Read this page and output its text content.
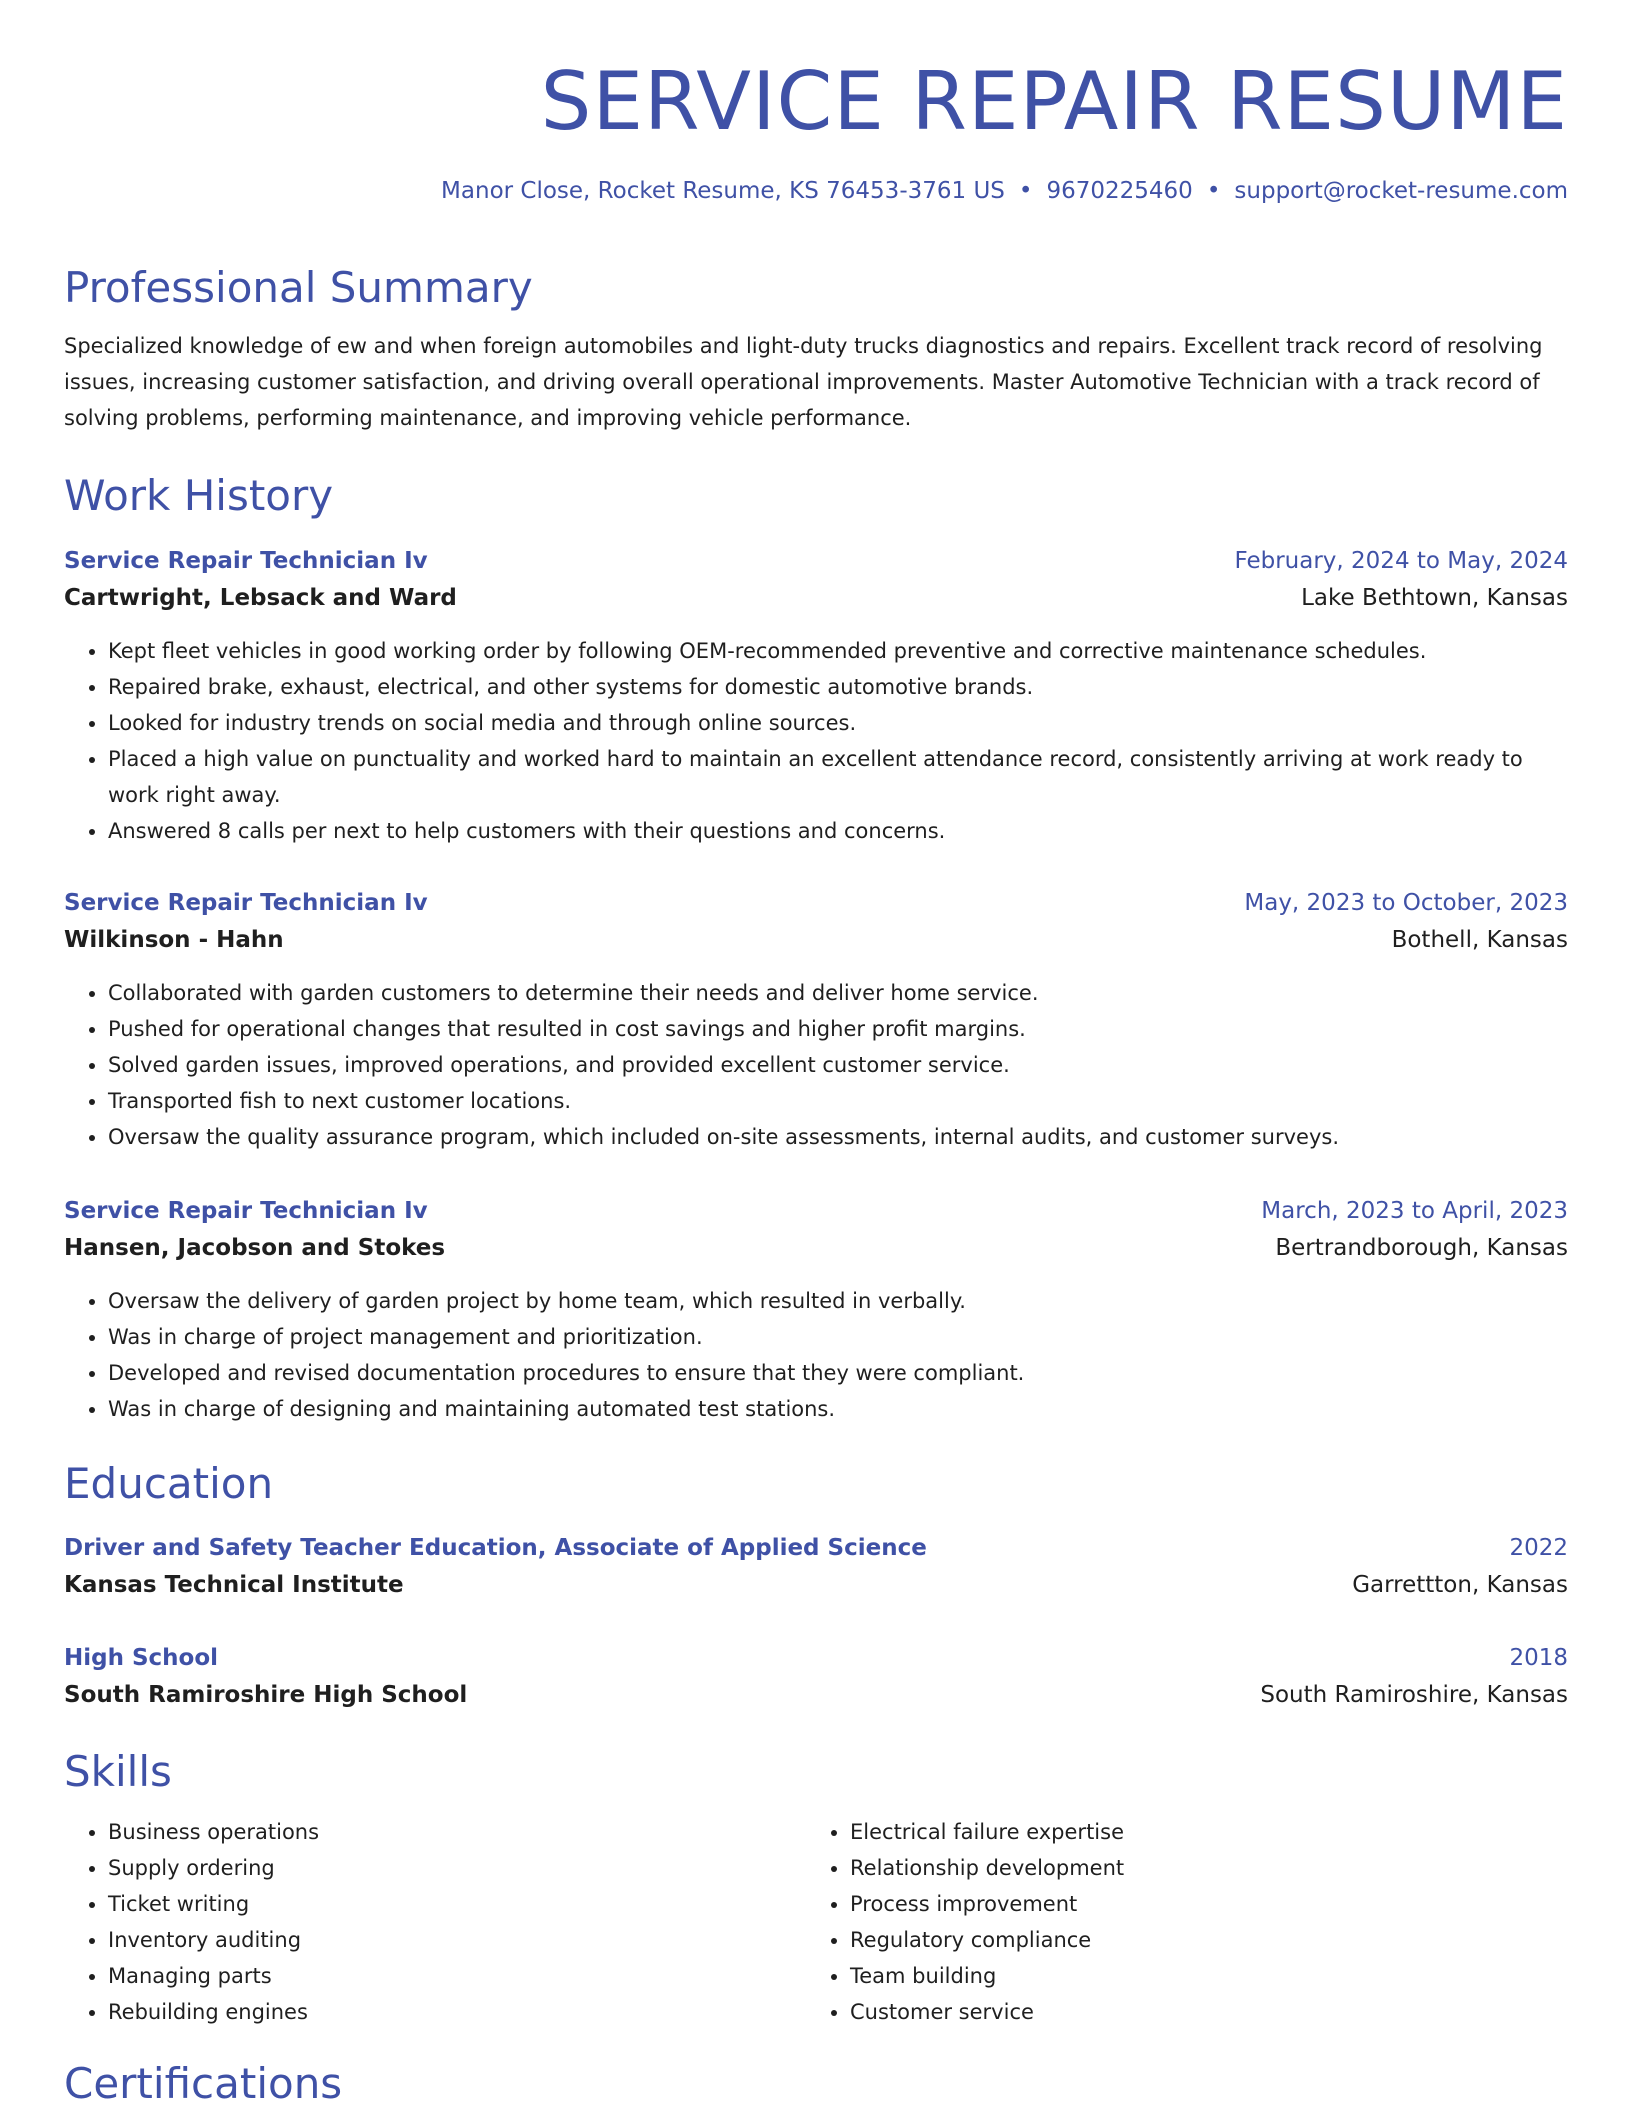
SERVICE REPAIR RESUME
Manor Close, Rocket Resume, KS 76453-3761 US • 9670225460 • support@rocket-resume.com
Professional Summary
Specialized knowledge of ew and when foreign automobiles and light-duty trucks diagnostics and repairs. Excellent track record of resolving issues, increasing customer satisfaction, and driving overall operational improvements. Master Automotive Technician with a track record of solving problems, performing maintenance, and improving vehicle performance.
Work History
Service Repair Technician Iv	February, 2024 to May, 2024
Cartwright, Lebsack and Ward	Lake Bethtown, Kansas
• Kept fleet vehicles in good working order by following OEM-recommended preventive and corrective maintenance schedules.
• Repaired brake, exhaust, electrical, and other systems for domestic automotive brands.
• Looked for industry trends on social media and through online sources.
• Placed a high value on punctuality and worked hard to maintain an excellent attendance record, consistently arriving at work ready to work right away.
• Answered 8 calls per next to help customers with their questions and concerns.
Service Repair Technician Iv	May, 2023 to October, 2023
Wilkinson - Hahn	Bothell, Kansas
• Collaborated with garden customers to determine their needs and deliver home service.
• Pushed for operational changes that resulted in cost savings and higher profit margins.
• Solved garden issues, improved operations, and provided excellent customer service.
• Transported fish to next customer locations.
• Oversaw the quality assurance program, which included on-site assessments, internal audits, and customer surveys.
Service Repair Technician Iv	March, 2023 to April, 2023
Hansen, Jacobson and Stokes	Bertrandborough, Kansas
• Oversaw the delivery of garden project by home team, which resulted in verbally.
• Was in charge of project management and prioritization.
• Developed and revised documentation procedures to ensure that they were compliant.
• Was in charge of designing and maintaining automated test stations.
Education
Driver and Safety Teacher Education, Associate of Applied Science	2022
Kansas Technical Institute	Garrettton, Kansas
High School	2018
South Ramiroshire High School	South Ramiroshire, Kansas
Skills
• Business operations
• Supply ordering
• Ticket writing
• Inventory auditing
• Managing parts
• Rebuilding engines
• Electrical failure expertise
• Relationship development
• Process improvement
• Regulatory compliance
• Team building
• Customer service
Certifications
